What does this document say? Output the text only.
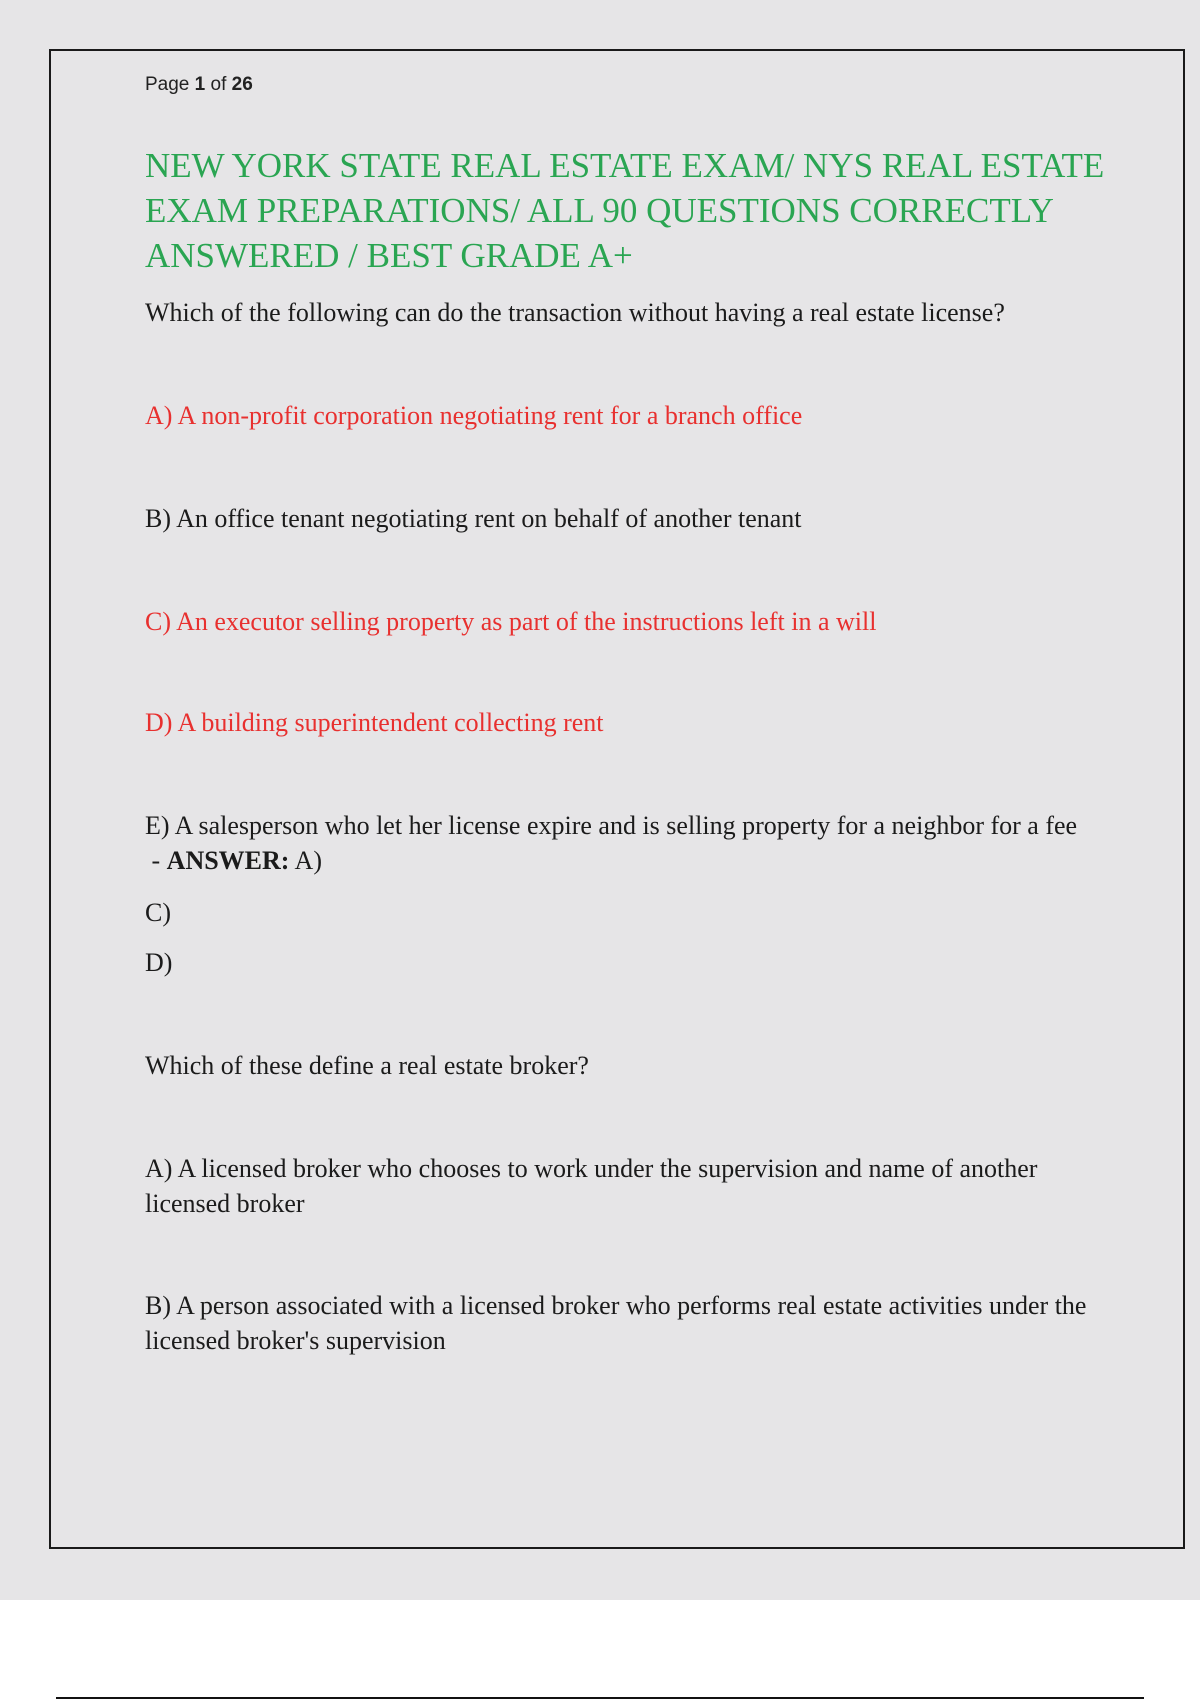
Page 1 of 26
NEW YORK STATE REAL ESTATE EXAM/ NYS REAL ESTATE EXAM PREPARATIONS/ ALL 90 QUESTIONS CORRECTLY ANSWERED / BEST GRADE A+

Which of the following can do the transaction without having a real estate license?

A) A non-profit corporation negotiating rent for a branch office

B) An office tenant negotiating rent on behalf of another tenant

C) An executor selling property as part of the instructions left in a will

D) A building superintendent collecting rent

E) A salesperson who let her license expire and is selling property for a neighbor for a fee - ANSWER: A)

C)

D)

Which of these define a real estate broker?

A) A licensed broker who chooses to work under the supervision and name of another licensed broker

B) A person associated with a licensed broker who performs real estate activities under the licensed broker's supervision
